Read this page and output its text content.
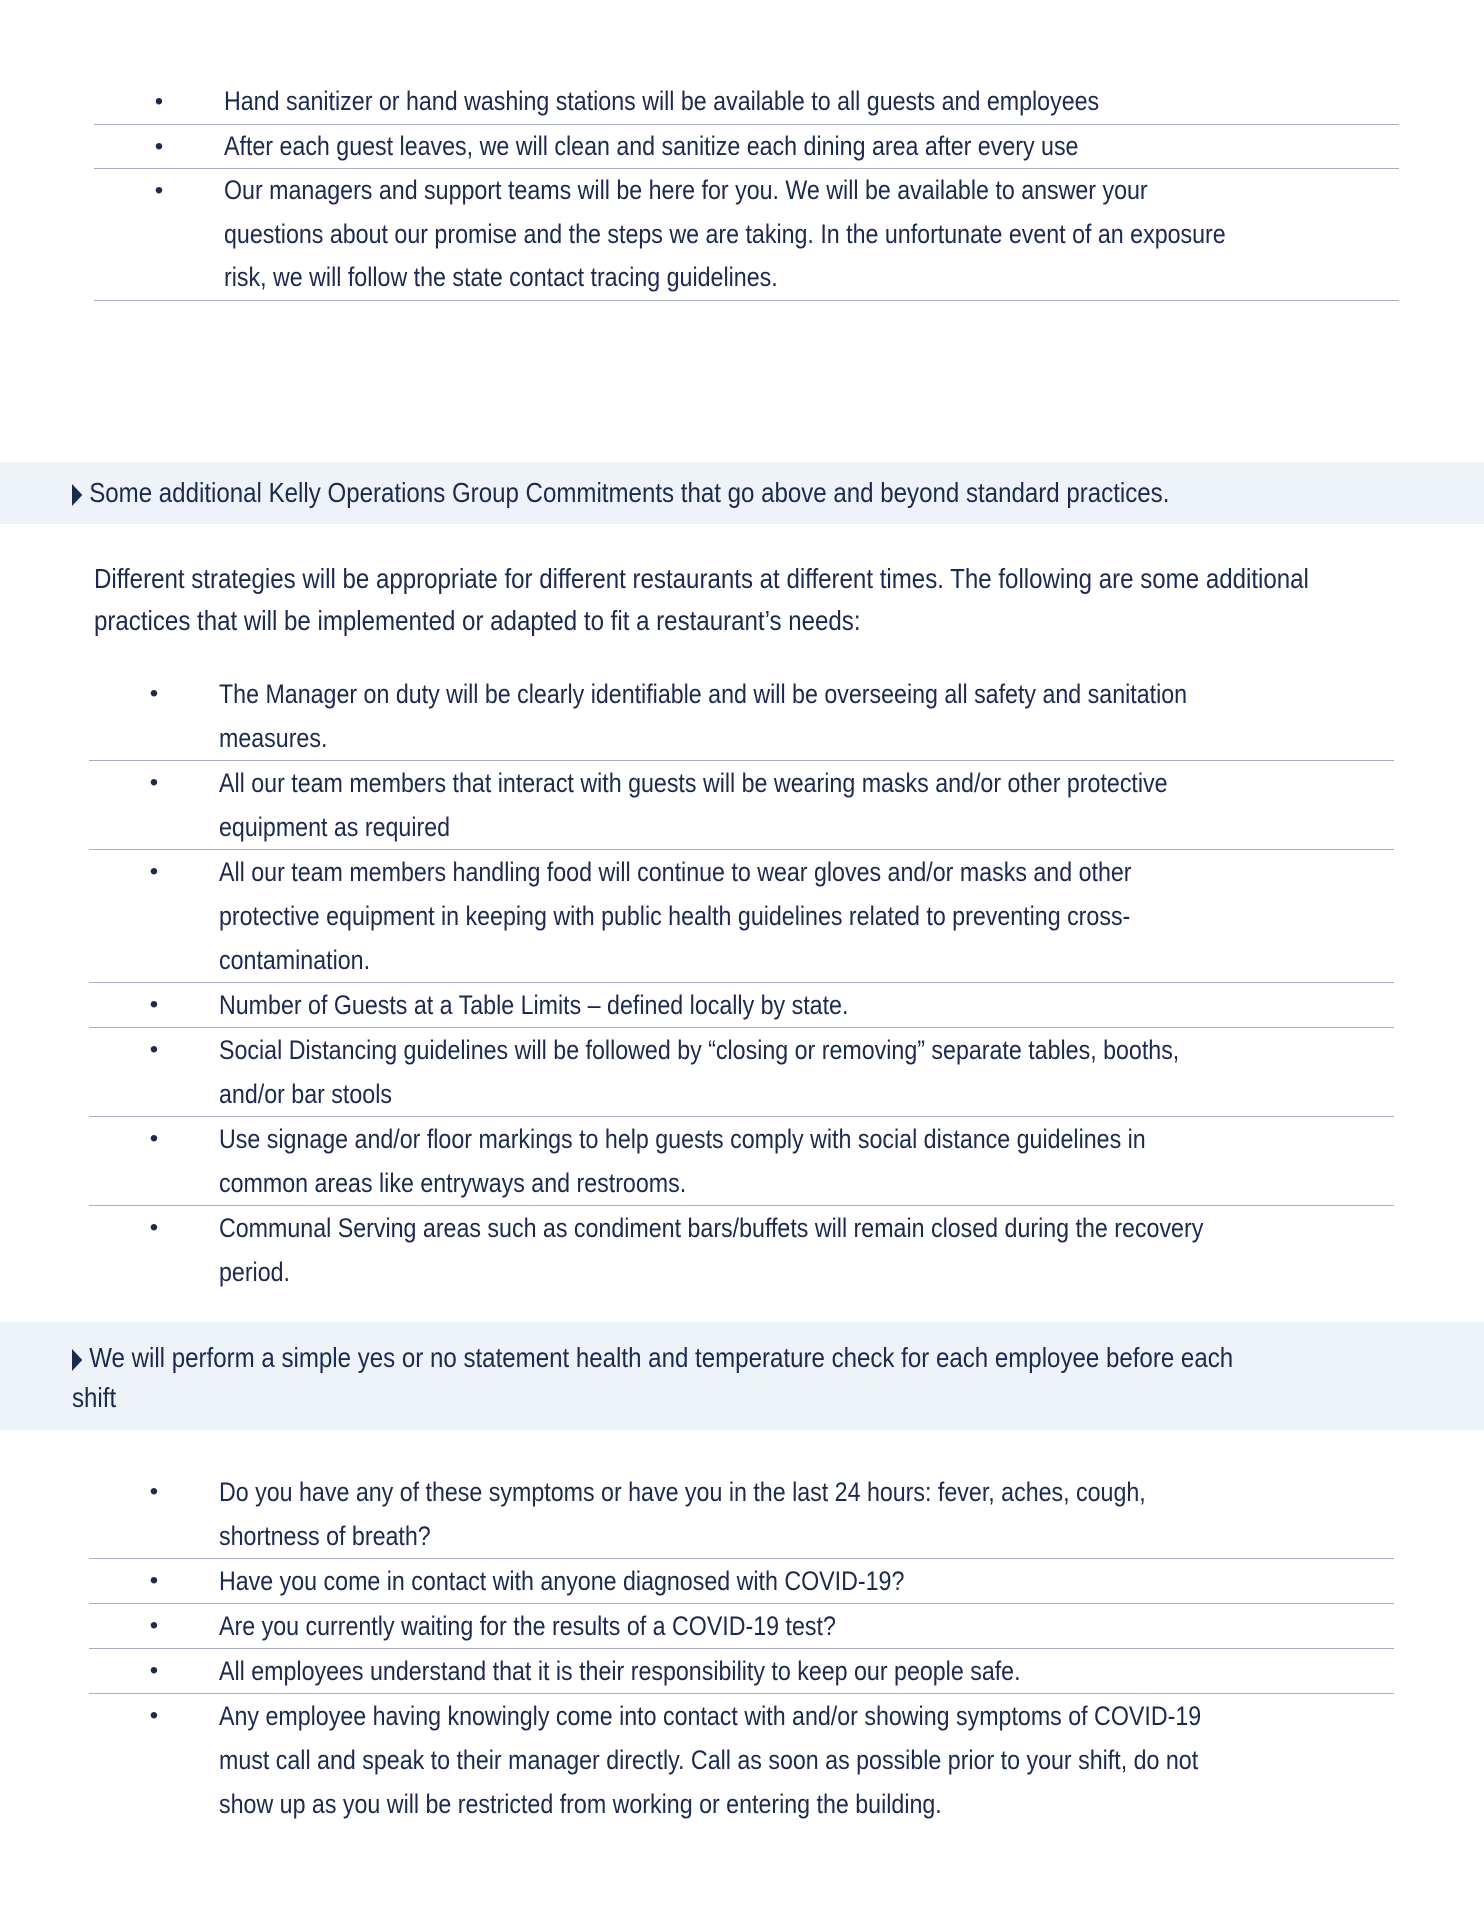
•	Hand sanitizer or hand washing stations will be available to all guests and employees
•	After each guest leaves, we will clean and sanitize each dining area after every use
•	Our managers and support teams will be here for you. We will be available to answer your questions about our promise and the steps we are taking. In the unfortunate event of an exposure risk, we will follow the state contact tracing guidelines.
Some additional Kelly Operations Group Commitments that go above and beyond standard practices.
Different strategies will be appropriate for different restaurants at different times. The following are some additional practices that will be implemented or adapted to fit a restaurant’s needs:
•	The Manager on duty will be clearly identifiable and will be overseeing all safety and sanitation measures.
•	All our team members that interact with guests will be wearing masks and/or other protective equipment as required
•	All our team members handling food will continue to wear gloves and/or masks and other protective equipment in keeping with public health guidelines related to preventing cross- contamination.
•	Number of Guests at a Table Limits – defined locally by state.
•	Social Distancing guidelines will be followed by “closing or removing” separate tables, booths, and/or bar stools
•	Use signage and/or floor markings to help guests comply with social distance guidelines in common areas like entryways and restrooms.
•	Communal Serving areas such as condiment bars/buffets will remain closed during the recovery period.
We will perform a simple yes or no statement health and temperature check for each employee before each shift
•	Do you have any of these symptoms or have you in the last 24 hours: fever, aches, cough, shortness of breath?
•	Have you come in contact with anyone diagnosed with COVID-19?
•	Are you currently waiting for the results of a COVID-19 test?
•	All employees understand that it is their responsibility to keep our people safe.
•	Any employee having knowingly come into contact with and/or showing symptoms of COVID-19 must call and speak to their manager directly. Call as soon as possible prior to your shift, do not show up as you will be restricted from working or entering the building.
